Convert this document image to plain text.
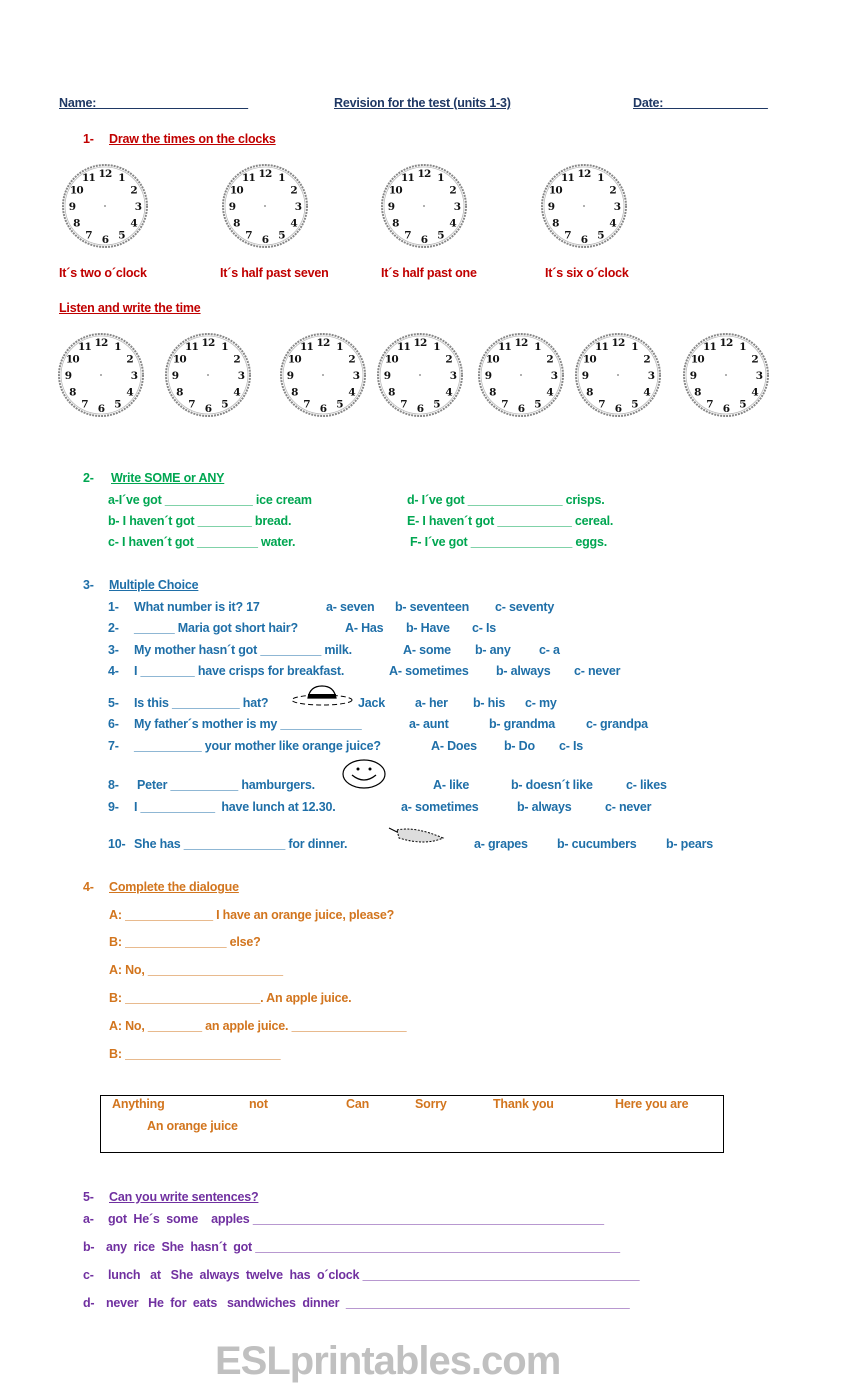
ESLprintables.com
Name: ______________________	Revision for the test (units 1-3)	Date: _______________
1- Draw the times on the clocks
12 1
2
3
4
5
6
7
8
9
10
11	12 1
2
3
4
5
6
7
8
9
10
11	12 1
2
3
4
5
6
7
8
9
10
11	12 1
2
3
4
5
6
7
8
9
10
11
12 1
2
3
4
5
6
7
8
9
10
11	12 1
2
3
4
5
6
7
8
9
10
11	12 1
2
3
4
5
6
7
8
9
10
11	12 1
2
3
4
5
6
7
8
9
10
11	12 1
2
3
4
5
6
7
8
9
10
11	12 1
2
3
4
5
6
7
8
9
10
11	12 1
2
3
4
5
6
7
8
9
10
11
It´s two o´clock	It´s half past seven	It´s half past one	It´s six o´clock
Listen and write the time
2- Write SOME or ANY
a-I´ve got _____________ ice cream
b- I haven´t got ________ bread.
c- I haven´t got _________ water.
d- I´ve got ______________ crisps.
E- I haven´t got ___________ cereal.
F- I´ve got _______________ eggs.
3- Multiple Choice
1-	What number is it? 17	a- seven	b- seventeen	c- seventy
2-	______ Maria got short hair?	A- Has	b- Have	c- Is
3-	My mother hasn´t got _________ milk.	A- some	b- any	c- a
4-	I ________ have crisps for breakfast.	A- sometimes	b- always	c- never
5-	Is this __________ hat?	Jack	a- her	b- his	c- my
6-	My father´s mother is my ____________	a- aunt	b- grandma	c- grandpa
7-	__________ your mother like orange juice?	A- Does	b- Do	c- Is
8-	Peter __________ hamburgers.	A- like	b- doesn´t like	c- likes
9-	I ___________  have lunch at 12.30.	a- sometimes	b- always	c- never
10- She has _______________ for dinner.	a- grapes	b- cucumbers	b- pears
4- Complete the dialogue
A: _____________ I have an orange juice, please?
B: _______________ else?
A: No, ____________________
B: ____________________. An apple juice.
A: No, ________ an apple juice. _________________
B: _______________________
Anything	not	Can	Sorry	Thank you	Here you are
An orange juice
5- Can you write sentences?
a- got  He´s  some    apples ____________________________________________________
b- any  rice  She  hasn´t  got ______________________________________________________
c- lunch   at   She  always  twelve  has  o´clock _________________________________________
d- never   He  for  eats   sandwiches  dinner  __________________________________________
